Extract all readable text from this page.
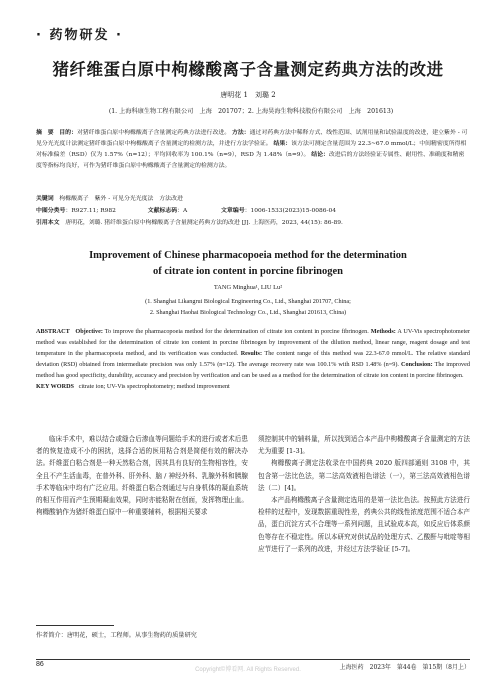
· 药物研发 ·
猪纤维蛋白原中枸橼酸离子含量测定药典方法的改进
唐明花 1　刘璐 2
(1. 上海科康生物工程有限公司　上海　201707；2. 上海昊海生物科技股份有限公司　上海　201613)
摘　要 目的：对猪纤维蛋白原中枸橼酸离子含量测定药典方法进行改进。 方法：通过对药典方法中稀释方式、线性范围、试剂用量和试验温度的改进，建立紫外 - 可见分光光度计法测定猪纤维蛋白原中枸橼酸离子含量测定的检测方法，并进行方法学验证。 结果：该方法可测定含量范围为 22.3~67.0 mmol/L；中间精密度所得相对标准偏差（RSD）仅为 1.57%（n=12）；平均回收率为 100.1%（n=9），RSD 为 1.48%（n=9）。 结论：改进后的方法经验证专属性、耐用性、准确度和精密度等指标均良好，可作为猪纤维蛋白原中枸橼酸离子含量测定的检测方法。
关键词 枸橼酸离子　紫外 - 可见分光光度法　方法改进
中图分类号：R927.11; R982	文献标志码：A	文章编号：1006-1533(2023)15-0086-04
引用本文 唐明花，刘璐. 猪纤维蛋白原中枸橼酸离子含量测定药典方法的改进 [J]. 上海医药，2023, 44(15): 86-89.
Improvement of Chinese pharmacopoeia method for the determination
of citrate ion content in porcine fibrinogen
TANG Minghua¹, LIU Lu²
(1. Shanghai Likangrui Biological Engineering Co., Ltd., Shanghai 201707, China;
2. Shanghai Haohai Biological Technology Co., Ltd., Shanghai 201613, China)
ABSTRACT Objective: To improve the pharmacopoeia method for the determination of citrate ion content in porcine fibrinogen. Methods: A UV-Vis spectrophotometer method was established for the determination of citrate ion content in porcine fibrinogen by improvement of the dilution method, linear range, reagent dosage and test temperature in the pharmacopoeia method, and its verification was conducted. Results: The content range of this method was 22.3-67.0 mmol/L. The relative standard deviation (RSD) obtained from intermediate precision was only 1.57% (n=12). The average recovery rate was 100.1% with RSD 1.48% (n=9). Conclusion: The improved method has good specificity, durability, accuracy and precision by verification and can be used as a method for the determination of citrate ion content in porcine fibrinogen.
KEY WORDS citrate ion; UV-Vis spectrophotometry; method improvement

临床手术中，难以结合或缝合后渗血等问题给手术的进行或者术后患者的恢复造成不小的困扰，选择合适的医用粘合剂是简便有效的解决办法。纤维蛋白粘合剂是一种天然粘合剂，因其具有良好的生物相容性，安全且不产生活血毒，在普外科、肝外科、脑 / 神经外科、乳腺外科和胰腺手术等临床中均有广泛应用。纤维蛋白粘合剂通过与自身机体的凝血系统的相互作用而产生预期凝血效果，同时亦能粘附在创面，发挥物理止血。枸橼酸钠作为猪纤维蛋白原中一种重要辅料，根据相关要求

须控制其中的辅料量，所以找到适合本产品中枸橼酸离子含量测定的方法尤为重要 [1-3]。

枸橼酸离子测定法收录在中国药典 2020 版四部通则 3108 中，其包含第一法比色法，第二法高效液相色谱法（一），第三法高效液相色谱法（二）[4]。

本产品枸橼酸离子含量测定选用的是第一法比色法。按照此方法进行检样的过程中，发现数据重现性差，药典公共的线性浓度范围不适合本产品，蛋白沉淀方式不合理等一系列问题，且试验成本高，如反应后体系颜色等存在不稳定性。所以本研究对供试品的处理方式、乙酸酐与吡啶等相应节进行了一系列的改进，并经过方法学验证 [5-7]。

作者简介：唐明花，硕士，工程师。从事生物药的质量研究
86	上海医药　2023年　第44卷　第15期（8月上）
Copyright©博看网. All Rights Reserved.
